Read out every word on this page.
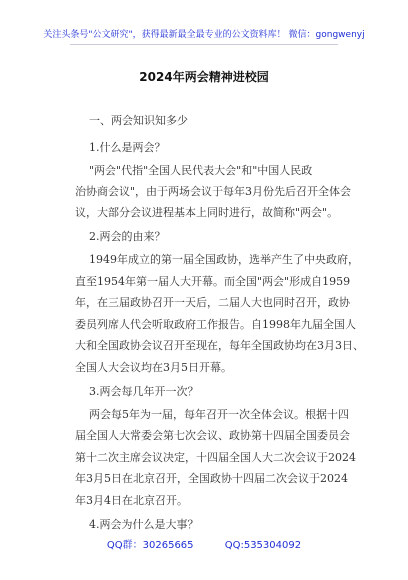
关注头条号"公文研究"，获得最新最全最专业的公文资料库！ 微信：gongwenyj
2024年两会精神进校园
一、两会知识知多少
1.什么是两会？
"两会"代指"全国人民代表大会"和"中国人民政
治协商会议"，由于两场会议于每年3月份先后召开全体会
议，大部分会议进程基本上同时进行，故简称"两会"。
2.两会的由来？
1949年成立的第一届全国政协，选举产生了中央政府，
直至1954年第一届人大开幕。而全国"两会"形成自1959
年，在三届政协召开一天后，二届人大也同时召开，政协
委员列席人代会听取政府工作报告。自1998年九届全国人
大和全国政协会议召开至现在，每年全国政协均在3月3日、
全国人大会议均在3月5日开幕。
3.两会每几年开一次？
两会每5年为一届，每年召开一次全体会议。根据十四
届全国人大常委会第七次会议、政协第十四届全国委员会
第十二次主席会议决定，十四届全国人大二次会议于2024
年3月5日在北京召开，全国政协十四届二次会议于2024
年3月4日在北京召开。
4.两会为什么是大事？
QQ群：30265665	QQ:535304092
